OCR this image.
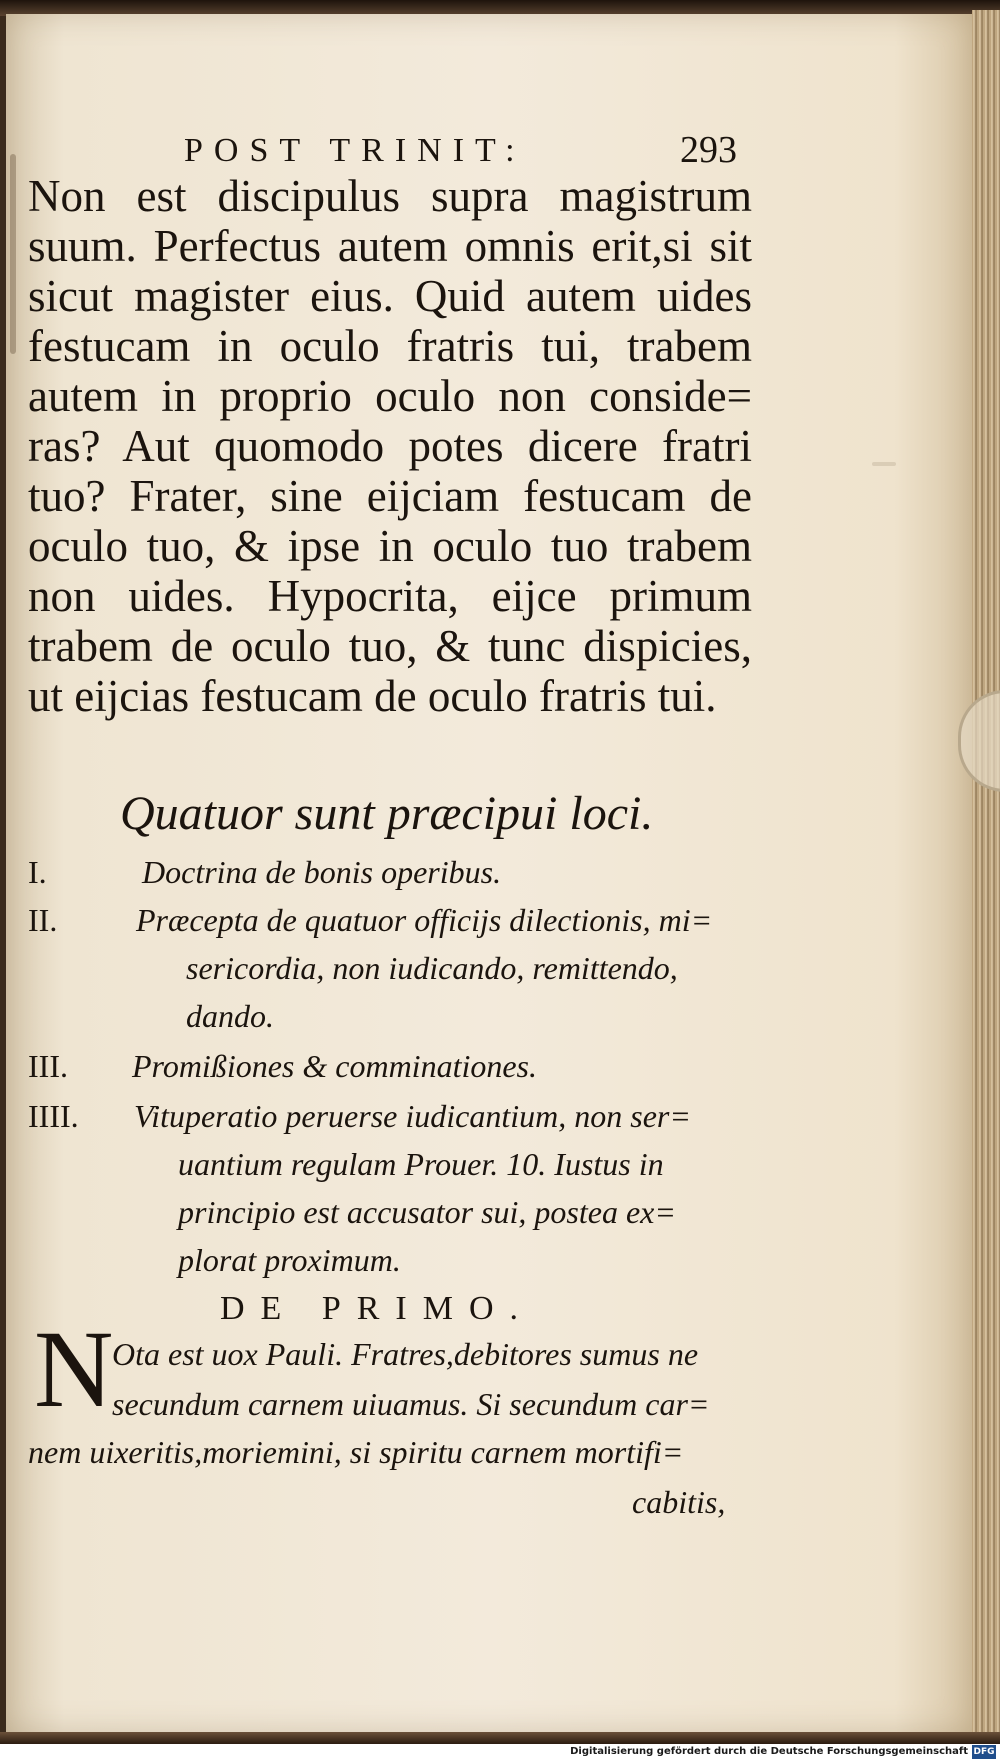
POST TRINIT:	293
Non est discipulus supra magistrum
suum. Perfectus autem omnis erit,si sit
sicut magister eius. Quid autem uides
festucam in oculo fratris tui, trabem
autem in proprio oculo non conside=
ras? Aut quomodo potes dicere fratri
tuo? Frater, sine eijciam festucam de
oculo tuo, & ipse in oculo tuo trabem
non uides. Hypocrita, eijce primum
trabem de oculo tuo, & tunc dispicies,
ut eijcias festucam de oculo fratris tui.
Quatuor sunt præcipui loci.
I.	Doctrina de bonis operibus.
II. Præcepta de quatuor officijs dilectionis, mi=
sericordia, non iudicando, remittendo,
dando.
III. Promißiones & comminationes.
IIII. Vituperatio peruerse iudicantium, non ser=
uantium regulam Prouer. 10. Iustus in
principio est accusator sui, postea ex=
plorat proximum.
DE PRIMO.
N
Ota est uox Pauli. Fratres,debitores sumus ne
secundum carnem uiuamus. Si secundum car=
nem uixeritis,moriemini, si spiritu carnem mortifi=
cabitis,
Digitalisierung gefördert durch die Deutsche Forschungsgemeinschaft DFG
